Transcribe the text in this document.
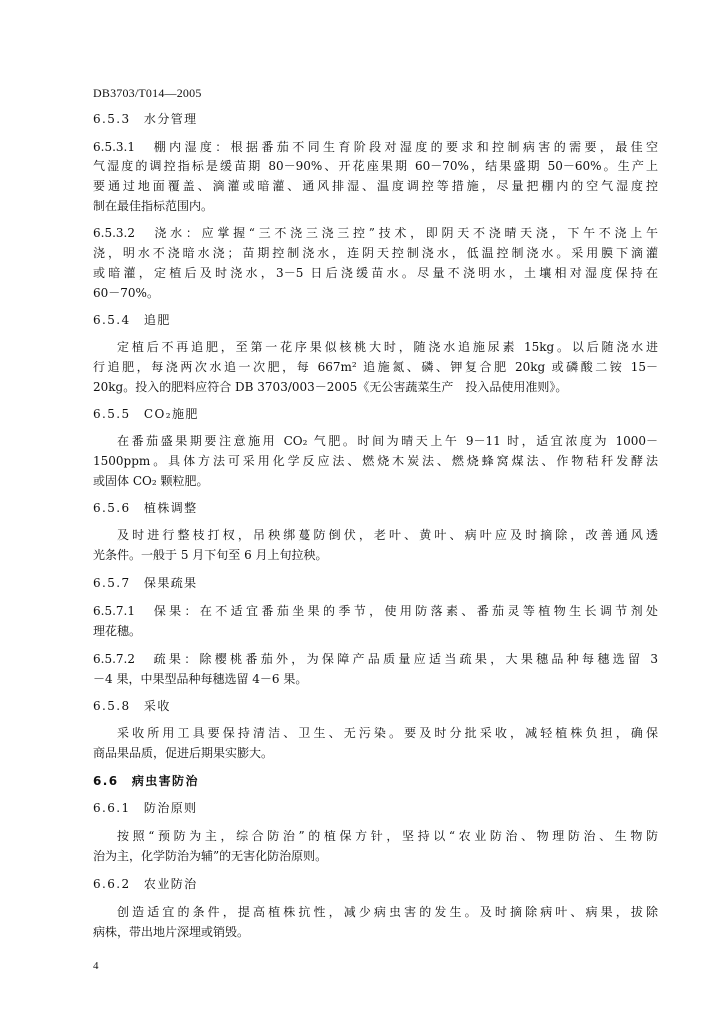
DB3703/T014—2005
6.5.3　水分管理
6.5.3.1　棚内湿度：根据番茄不同生育阶段对湿度的要求和控制病害的需要，最佳空
气湿度的调控指标是缓苗期 80－90%、开花座果期 60－70%，结果盛期 50－60%。生产上
要通过地面覆盖、滴灌或暗灌、通风排湿、温度调控等措施，尽量把棚内的空气湿度控
制在最佳指标范围内。
6.5.3.2　浇水：应掌握“三不浇三浇三控”技术，即阴天不浇晴天浇，下午不浇上午
浇，明水不浇暗水浇；苗期控制浇水，连阴天控制浇水，低温控制浇水。采用膜下滴灌
或暗灌，定植后及时浇水，3－5 日后浇缓苗水。尽量不浇明水，土壤相对湿度保持在
60－70%。
6.5.4　追肥
定植后不再追肥，至第一花序果似核桃大时，随浇水追施尿素 15kg。以后随浇水进
行追肥，每浇两次水追一次肥，每 667m² 追施氮、磷、钾复合肥 20kg 或磷酸二铵 15－
20kg。投入的肥料应符合 DB 3703/003－2005《无公害蔬菜生产　投入品使用准则》。
6.5.5　CO₂施肥
在番茄盛果期要注意施用 CO₂ 气肥。时间为晴天上午 9－11 时，适宜浓度为 1000－
1500ppm。具体方法可采用化学反应法、燃烧木炭法、燃烧蜂窝煤法、作物秸秆发酵法
或固体 CO₂ 颗粒肥。
6.5.6　植株调整
及时进行整枝打杈，吊秧绑蔓防倒伏，老叶、黄叶、病叶应及时摘除，改善通风透
光条件。一般于 5 月下旬至 6 月上旬拉秧。
6.5.7　保果疏果
6.5.7.1　保果：在不适宜番茄坐果的季节，使用防落素、番茄灵等植物生长调节剂处
理花穗。
6.5.7.2　疏果：除樱桃番茄外，为保障产品质量应适当疏果，大果穗品种每穗选留 3
－4 果，中果型品种每穗选留 4－6 果。
6.5.8　采收
采收所用工具要保持清洁、卫生、无污染。要及时分批采收，减轻植株负担，确保
商品果品质，促进后期果实膨大。
6.6　病虫害防治
6.6.1　防治原则
按照“预防为主，综合防治”的植保方针，坚持以“农业防治、物理防治、生物防
治为主，化学防治为辅”的无害化防治原则。
6.6.2　农业防治
创造适宜的条件，提高植株抗性，减少病虫害的发生。及时摘除病叶、病果，拔除
病株，带出地片深埋或销毁。
4
